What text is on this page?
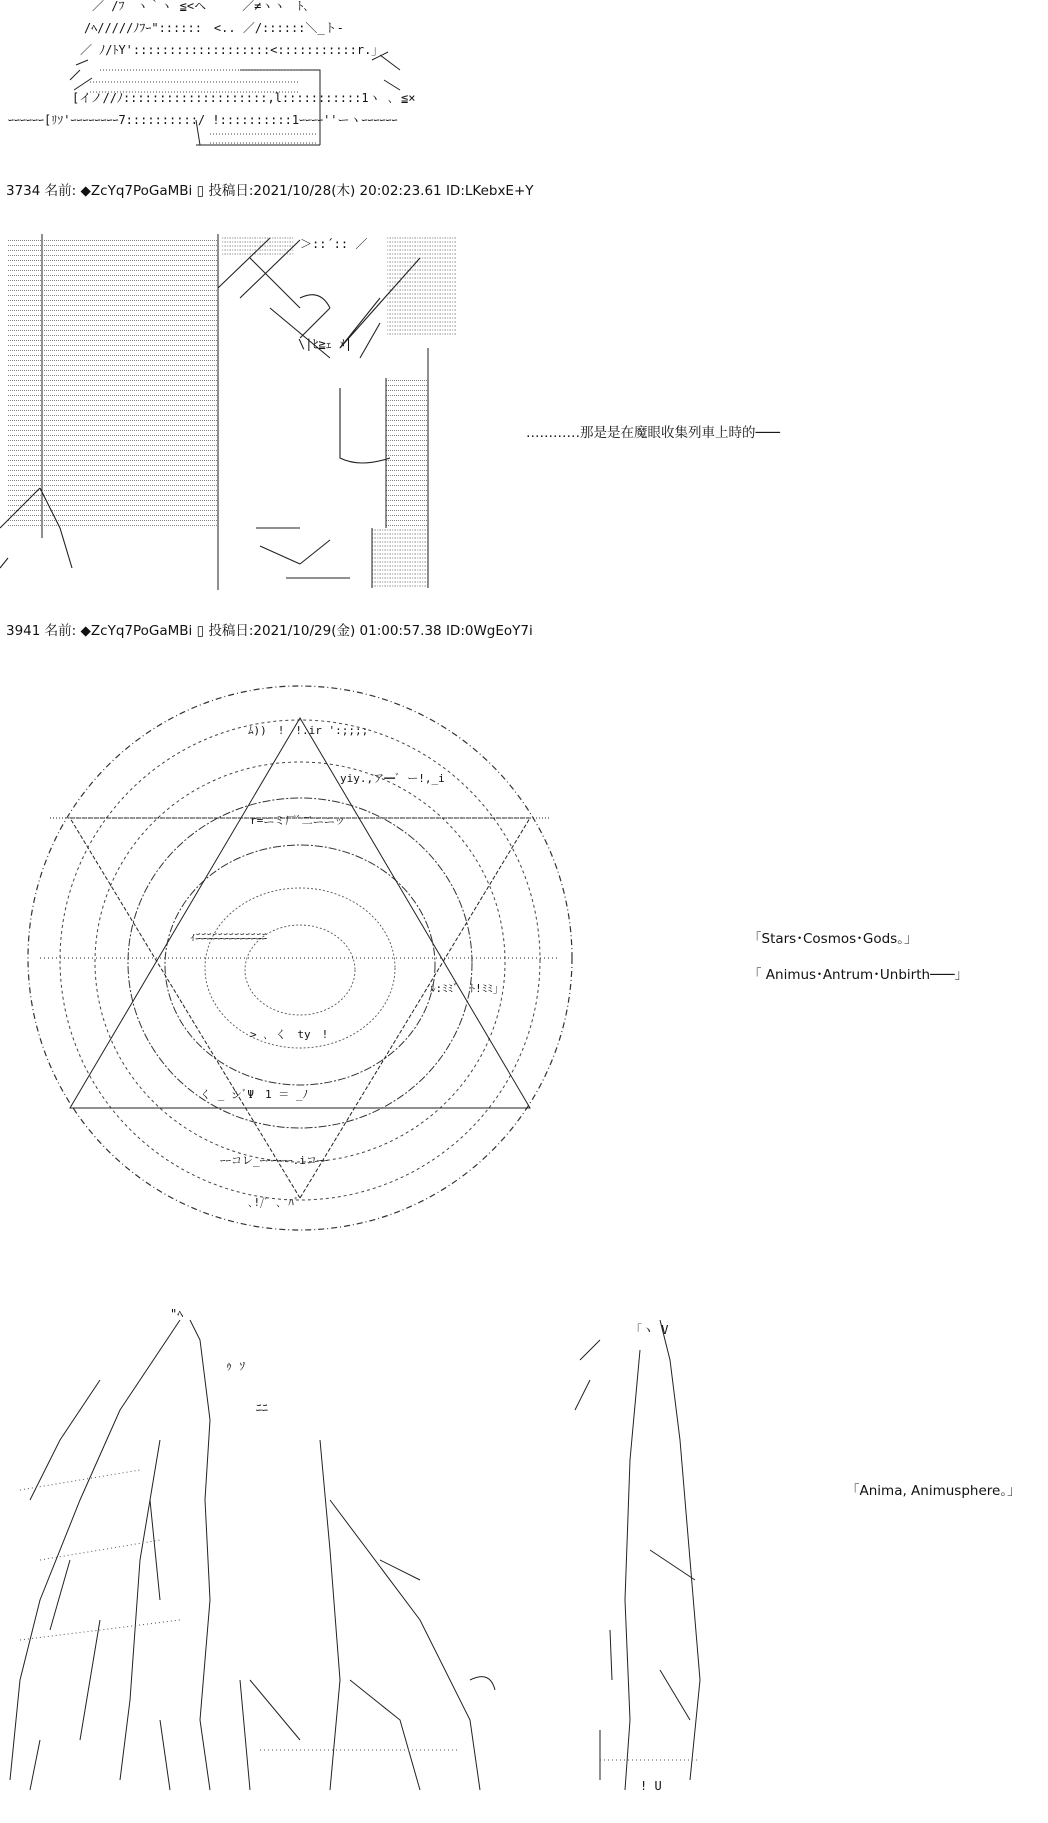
／ /ﾌ　ヽ｀ヽ ≦<ヘ　　　／≠ヽヽ　ﾄ､
/ﾍ/////ﾉﾌｰ"::::::　<.. ／/::::::＼_ト-
／ ﾉ/ﾄY':::::::::::::::::::<:::::::::::r.」
[イノ//ﾉ::::::::::::::::::::,l:::::::::::1ヽ ､ ≦×
ｰｰｰｰｰｰ[ﾘｿ'ｰｰｰｰｰｰｰｰ7::::::::::/ !::::::::::1ｰｰｰｰ''ーヽｰｰｰｰｰｰ
3734 名前: ◆ZcYq7PoGaMBi ▯ 投稿日:2021/10/28(木) 20:02:23.61 ID:LKebxE+Y
＞::´:: ／
\|ﾋ≧ｪ ﾒ|
…………那是是在魔眼收集列車上時的───
3941 名前: ◆ZcYq7PoGaMBi ▯ 投稿日:2021/10/29(金) 01:00:57.38 ID:0WgEoY7i
ﾑ))　!　!.ir ':;;;;
yiy.,ア━ﾞ ー!,_i
r=ニミ厂ﾞ二ニニッ
ｨﾆﾆﾆﾆﾆﾆﾆﾆﾆﾆﾆﾆﾆ
ﾙ:ﾐﾐﾞ　ﾄ!ﾐﾐ」
> ､ く　ty　!
く _ シﾞΨ　1 ＝ _ﾉ
ｰｰコレ_ｰｰｰｰｰｰ.iコｰｰ
､!/ﾞ ､ ﾊﾞ
「Stars･Cosmos･Gods。」
「 Animus･Antrum･Unbirth───」
"ﾍ
ｩ ｿ
ﾆﾆ
｢ヽ V
! U
「Anima, Animusphere。」
